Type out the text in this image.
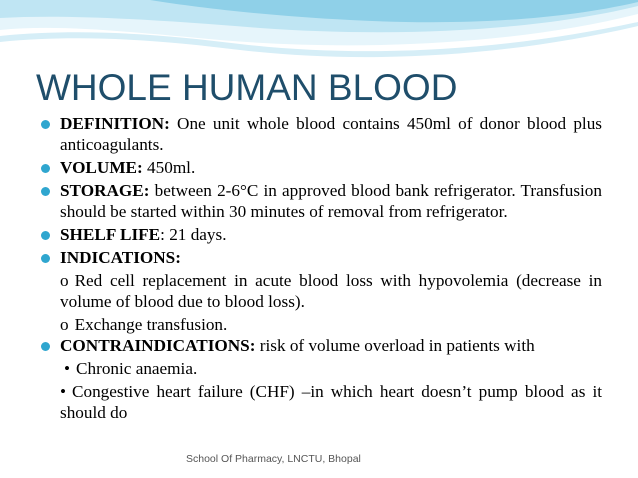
WHOLE HUMAN BLOOD

DEFINITION: One unit whole blood contains 450ml of donor blood plus anticoagulants.

VOLUME: 450ml.

STORAGE: between 2-6°C in approved blood bank refrigerator. Transfusion should be started within 30 minutes of removal from refrigerator.

SHELF LIFE: 21 days.

INDICATIONS:

o Red cell replacement in acute blood loss with hypovolemia (decrease in volume of blood due to blood loss).

o Exchange transfusion.

CONTRAINDICATIONS: risk of volume overload in patients with

• Chronic anaemia.

• Congestive heart failure (CHF) –in which heart doesn’t pump blood as it should do

School Of Pharmacy, LNCTU, Bhopal
